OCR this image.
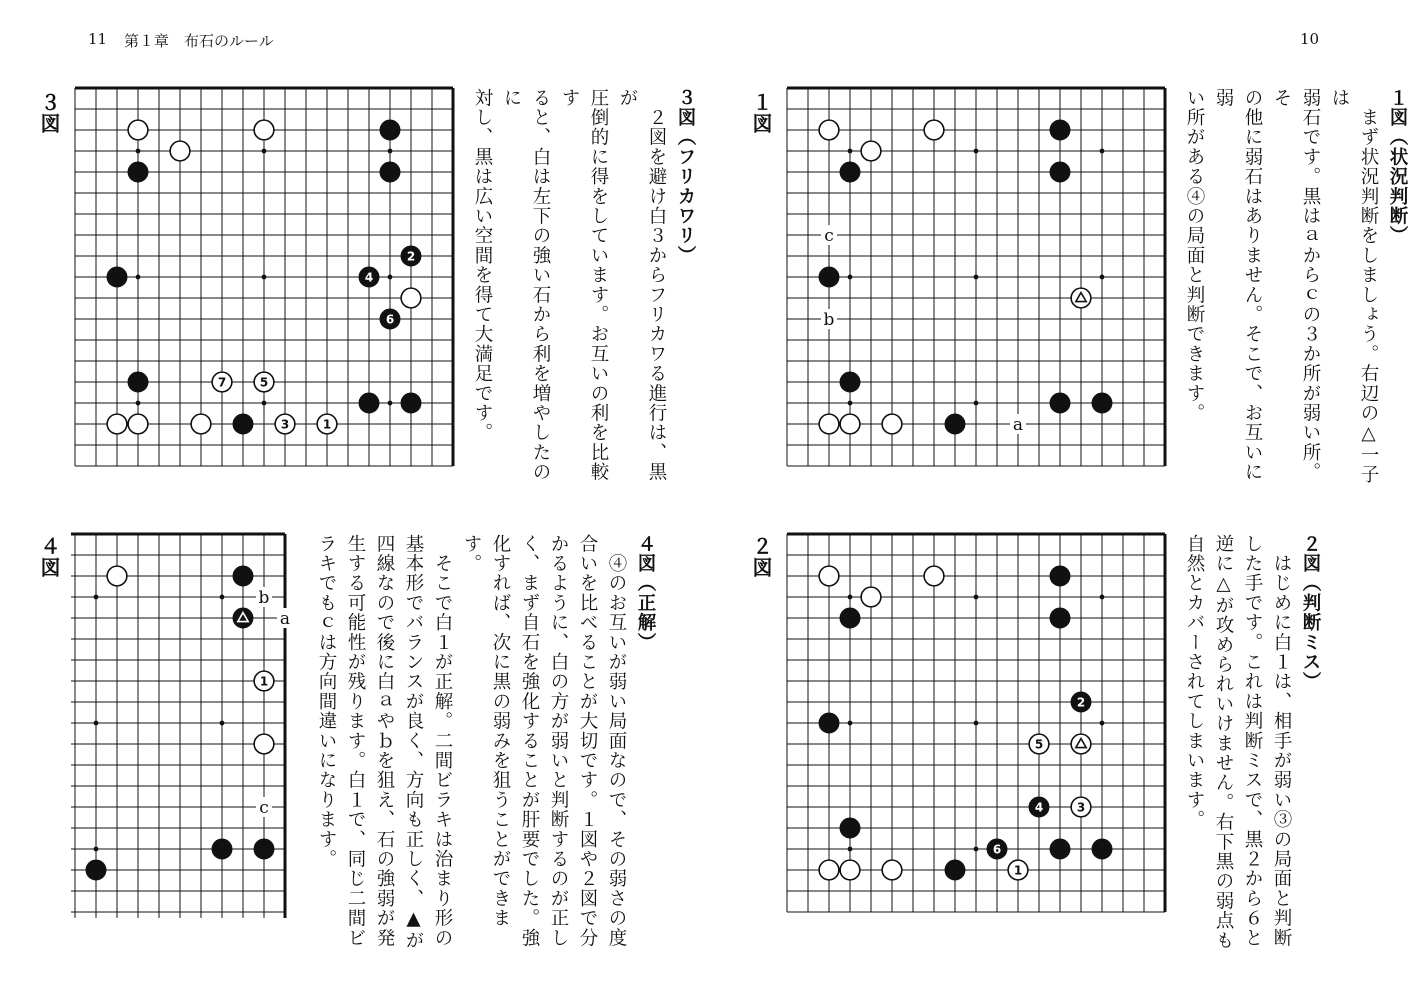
11 第１章　布石のルール	10
３図
2
4
6
7	5
3	1

３図（フリカワリ）

　２図を避け白３からフリカワる進行は、黒が

圧倒的に得をしています。お互いの利を比較す

ると、白は左下の強い石から利を増やしたのに

対し、黒は広い空間を得て大満足です。	１図
c
b
a

１図（状況判断）

　まず状況判断をしましょう。右辺の△一子は

弱石です。黒はａからｃの３か所が弱い所。そ

の他に弱石はありません。そこで、お互いに弱

い所がある④の局面と判断できます。

４図
b
a
c
1

４図（正解）

　④のお互いが弱い局面なので、その弱さの度

合いを比べることが大切です。１図や２図で分

かるように、白の方が弱いと判断するのが正し

く、まず自石を強化することが肝要でした。強

化すれば、次に黒の弱みを狙うことができます。

　そこで白１が正解。二間ビラキは治まり形の

基本形でバランスが良く、方向も正しく、▲が

四線なので後に白ａやｂを狙え、石の強弱が発

生する可能性が残ります。白１で、同じ二間ビ

ラキでもｃは方向間違いになります。	２図
2
5
4	3
6
1

２図（判断ミス）

　はじめに白１は、相手が弱い③の局面と判断

した手です。これは判断ミスで、黒２から６と

逆に△が攻められいけません。右下黒の弱点も

自然とカバーされてしまいます。
